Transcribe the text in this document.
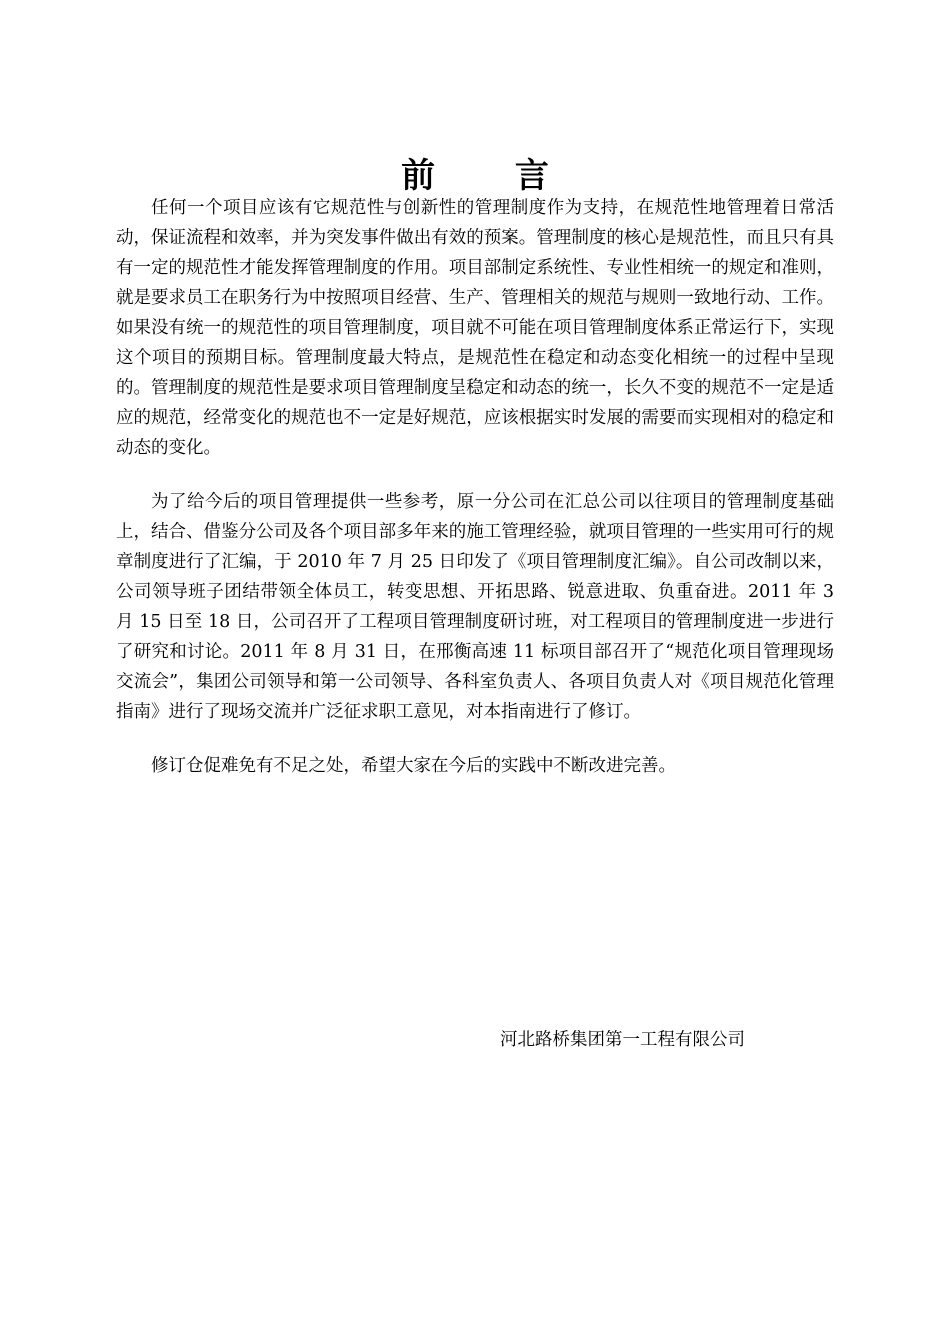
前 言

任何一个项目应该有它规范性与创新性的管理制度作为支持，在规范性地管理着日常活动，保证流程和效率，并为突发事件做出有效的预案。管理制度的核心是规范性，而且只有具有一定的规范性才能发挥管理制度的作用。项目部制定系统性、专业性相统一的规定和准则，就是要求员工在职务行为中按照项目经营、生产、管理相关的规范与规则一致地行动、工作。如果没有统一的规范性的项目管理制度，项目就不可能在项目管理制度体系正常运行下，实现这个项目的预期目标。管理制度最大特点，是规范性在稳定和动态变化相统一的过程中呈现的。管理制度的规范性是要求项目管理制度呈稳定和动态的统一，长久不变的规范不一定是适应的规范，经常变化的规范也不一定是好规范，应该根据实时发展的需要而实现相对的稳定和动态的变化。

为了给今后的项目管理提供一些参考，原一分公司在汇总公司以往项目的管理制度基础上，结合、借鉴分公司及各个项目部多年来的施工管理经验，就项目管理的一些实用可行的规章制度进行了汇编，于 2010 年 7 月 25 日印发了《项目管理制度汇编》。自公司改制以来，公司领导班子团结带领全体员工，转变思想、开拓思路、锐意进取、负重奋进。2011 年 3 月 15 日至 18 日，公司召开了工程项目管理制度研讨班，对工程项目的管理制度进一步进行了研究和讨论。2011 年 8 月 31 日，在邢衡高速 11 标项目部召开了“规范化项目管理现场交流会”，集团公司领导和第一公司领导、各科室负责人、各项目负责人对《项目规范化管理指南》进行了现场交流并广泛征求职工意见，对本指南进行了修订。

修订仓促难免有不足之处，希望大家在今后的实践中不断改进完善。

河北路桥集团第一工程有限公司
